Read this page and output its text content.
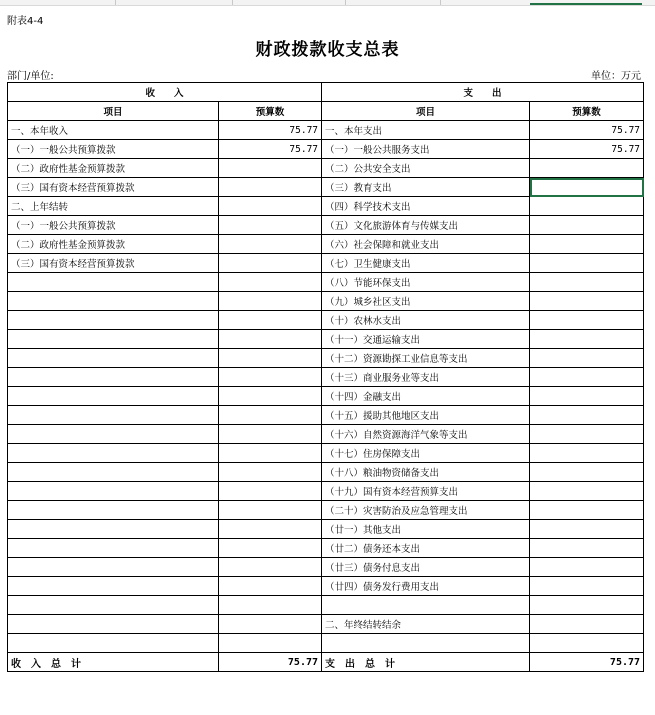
附表4-4
财政拨款收支总表
部门/单位:	单位：万元
收　　入		支　　出	
项目	预算数	项目	预算数
一、本年收入	75.77	一、本年支出	75.77
（一）一般公共预算拨款	75.77	（一）一般公共服务支出	75.77
（二）政府性基金预算拨款		（二）公共安全支出	
（三）国有资本经营预算拨款		（三）教育支出	
二、上年结转		（四）科学技术支出	
（一）一般公共预算拨款		（五）文化旅游体育与传媒支出	
（二）政府性基金预算拨款		（六）社会保障和就业支出	
（三）国有资本经营预算拨款		（七）卫生健康支出	
		（八）节能环保支出	
		（九）城乡社区支出	
		（十）农林水支出	
		（十一）交通运输支出	
		（十二）资源勘探工业信息等支出	
		（十三）商业服务业等支出	
		（十四）金融支出	
		（十五）援助其他地区支出	
		（十六）自然资源海洋气象等支出	
		（十七）住房保障支出	
		（十八）粮油物资储备支出	
		（十九）国有资本经营预算支出	
		（二十）灾害防治及应急管理支出	
		（廿一）其他支出	
		（廿二）债务还本支出	
		（廿三）债务付息支出	
		（廿四）债务发行费用支出	

		二、年终结转结余	

收　入　总　计	75.77	支　出　总　计	75.77
